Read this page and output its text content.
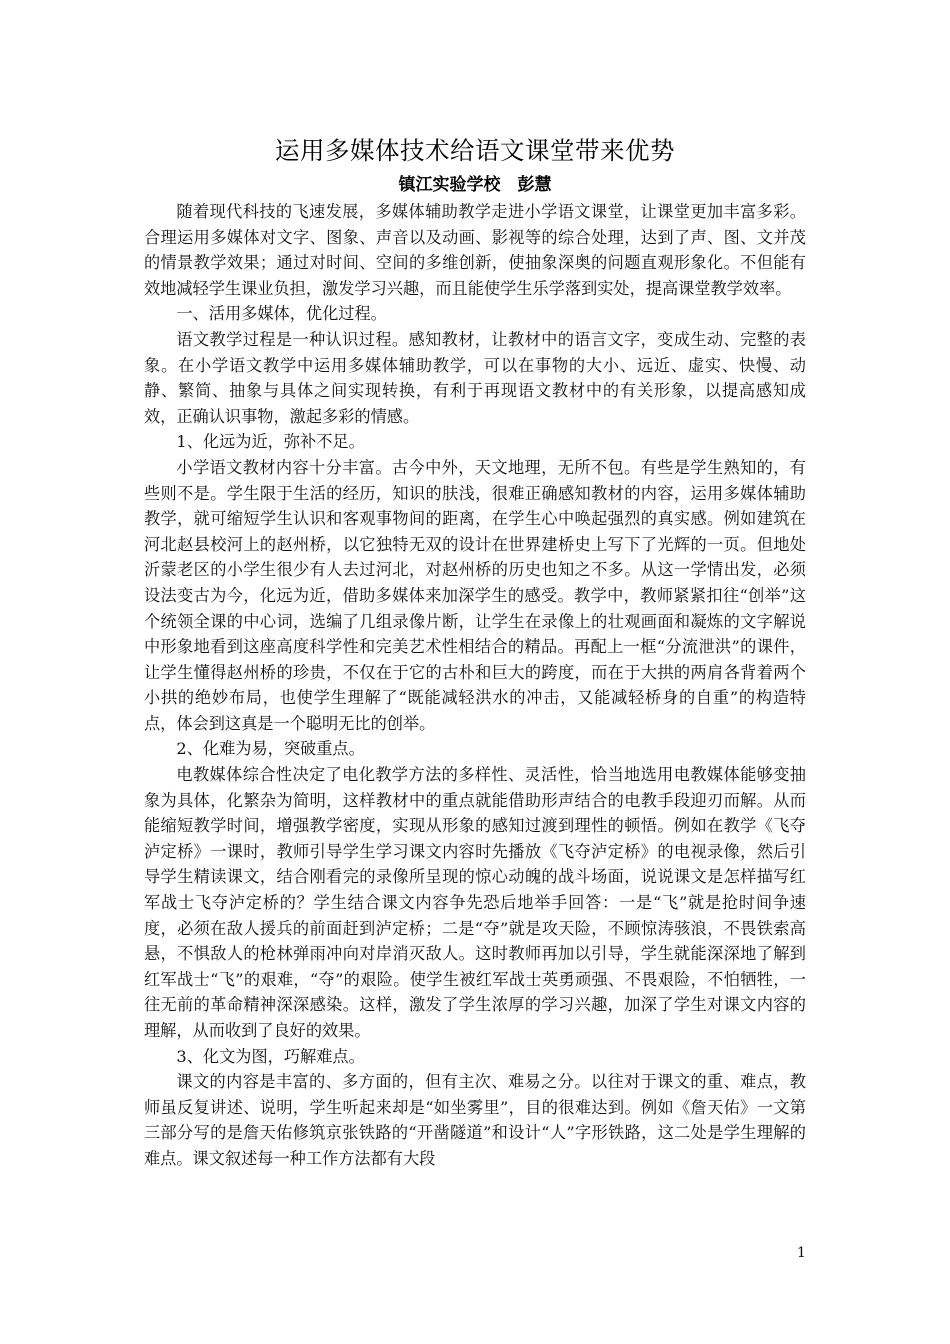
运用多媒体技术给语文课堂带来优势
镇江实验学校　彭慧

随着现代科技的飞速发展，多媒体辅助教学走进小学语文课堂，让课堂更加丰富多彩。合理运用多媒体对文字、图象、声音以及动画、影视等的综合处理，达到了声、图、文并茂的情景教学效果；通过对时间、空间的多维创新，使抽象深奥的问题直观形象化。不但能有效地减轻学生课业负担，激发学习兴趣，而且能使学生乐学落到实处，提高课堂教学效率。

一、活用多媒体，优化过程。

语文教学过程是一种认识过程。感知教材，让教材中的语言文字，变成生动、完整的表象。在小学语文教学中运用多媒体辅助教学，可以在事物的大小、远近、虚实、快慢、动静、繁简、抽象与具体之间实现转换，有利于再现语文教材中的有关形象，以提高感知成效，正确认识事物，激起多彩的情感。

1、化远为近，弥补不足。

小学语文教材内容十分丰富。古今中外，天文地理，无所不包。有些是学生熟知的，有些则不是。学生限于生活的经历，知识的肤浅，很难正确感知教材的内容，运用多媒体辅助教学，就可缩短学生认识和客观事物间的距离，在学生心中唤起强烈的真实感。例如建筑在河北赵县校河上的赵州桥，以它独特无双的设计在世界建桥史上写下了光辉的一页。但地处沂蒙老区的小学生很少有人去过河北，对赵州桥的历史也知之不多。从这一学情出发，必须设法变古为今，化远为近，借助多媒体来加深学生的感受。教学中，教师紧紧扣往“创举”这个统领全课的中心词，选编了几组录像片断，让学生在录像上的壮观画面和凝炼的文字解说中形象地看到这座高度科学性和完美艺术性相结合的精品。再配上一框“分流泄洪”的课件，让学生懂得赵州桥的珍贵，不仅在于它的古朴和巨大的跨度，而在于大拱的两肩各背着两个小拱的绝妙布局，也使学生理解了“既能减轻洪水的冲击，又能减轻桥身的自重”的构造特点，体会到这真是一个聪明无比的创举。

2、化难为易，突破重点。

电教媒体综合性决定了电化教学方法的多样性、灵活性，恰当地选用电教媒体能够变抽象为具体，化繁杂为简明，这样教材中的重点就能借助形声结合的电教手段迎刃而解。从而能缩短教学时间，增强教学密度，实现从形象的感知过渡到理性的顿悟。例如在教学《飞夺泸定桥》一课时，教师引导学生学习课文内容时先播放《飞夺泸定桥》的电视录像，然后引导学生精读课文，结合刚看完的录像所呈现的惊心动魄的战斗场面，说说课文是怎样描写红军战士飞夺泸定桥的？学生结合课文内容争先恐后地举手回答：一是“飞”就是抢时间争速度，必须在敌人援兵的前面赶到泸定桥；二是“夺”就是攻天险，不顾惊涛骇浪，不畏铁索高悬，不惧敌人的枪林弹雨冲向对岸消灭敌人。这时教师再加以引导，学生就能深深地了解到红军战士“飞”的艰难，“夺”的艰险。使学生被红军战士英勇顽强、不畏艰险，不怕牺牲，一往无前的革命精神深深感染。这样，激发了学生浓厚的学习兴趣，加深了学生对课文内容的理解，从而收到了良好的效果。

3、化文为图，巧解难点。

课文的内容是丰富的、多方面的，但有主次、难易之分。以往对于课文的重、难点，教师虽反复讲述、说明，学生听起来却是“如坐雾里”，目的很难达到。例如《詹天佑》一文第三部分写的是詹天佑修筑京张铁路的“开凿隧道”和设计“人”字形铁路，这二处是学生理解的难点。课文叙述每一种工作方法都有大段

1
